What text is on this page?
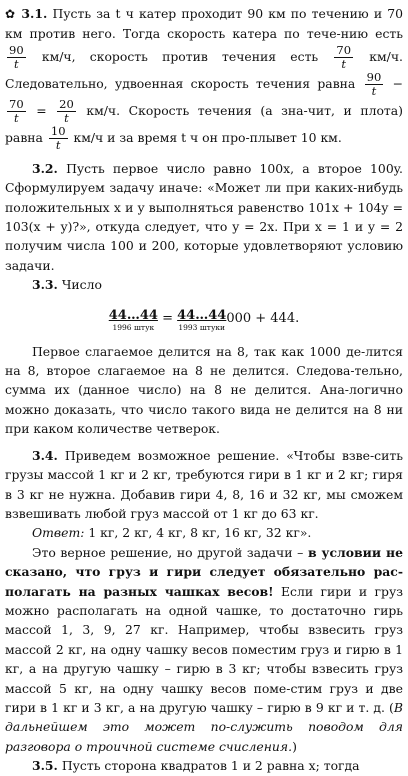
✿ 3.1. Пусть за t ч катер проходит 90 км по течению и 70 км против него. Тогда скорость катера по тече-нию есть
$\frac{90}{t} км/ч$, скорость против течения есть $\frac{70}{t} км/ч$. Следовательно, удвоенная скорость течения равна $\frac{90}{t}$ −
$\frac{70}{t} = \frac{20}{t} км/ч$. Скорость течения (а зна-чит, и плота) равна $\frac{10}{t} км/ч$ и за время t ч он про-плывет 10 км.

3.2. Пусть первое число равно 100x, а второе 100y. Сформулируем задачу иначе: «Может ли при каких-нибудь положительных x и y выполняться равенство 101x + 104y = 103(x + y)?», откуда следует, что y = 2x. При x = 1 и y = 2 получим числа 100 и 200, которые удовлетворяют условию задачи.

3.3. Число

44…44
1996 штук
= 44…44
1993 штуки
000 + 444.

Первое слагаемое делится на 8, так как 1000 де-лится на 8, второе слагаемое на 8 не делится. Следова-тельно, сумма их (данное число) на 8 не делится. Ана-логично можно доказать, что число такого вида не делится на 8 ни при каком количестве четверок.

3.4. Приведем возможное решение. «Чтобы взве-сить грузы массой 1 кг и 2 кг, требуются гири в 1 кг и 2 кг; гиря в 3 кг не нужна. Добавив гири 4, 8, 16 и 32 кг, мы сможем взвешивать любой груз массой от 1 кг до 63 кг.

Ответ: 1 кг, 2 кг, 4 кг, 8 кг, 16 кг, 32 кг».

Это верное решение, но другой задачи – в условии не сказано, что груз и гири следует обязательно рас-полагать на разных чашках весов! Если гири и груз можно располагать на одной чашке, то достаточно гирь массой 1, 3, 9, 27 кг. Например, чтобы взвесить груз массой 2 кг, на одну чашку весов поместим груз и гирю в 1 кг, а на другую чашку – гирю в 3 кг; чтобы взвесить груз массой 5 кг, на одну чашку весов поме-стим груз и две гири в 1 кг и 3 кг, а на другую чашку – гирю в 9 кг и т. д. (В дальнейшем это может по-служить поводом для разговора о троичной системе счисления.)

3.5. Пусть сторона квадратов 1 и 2 равна x; тогда
